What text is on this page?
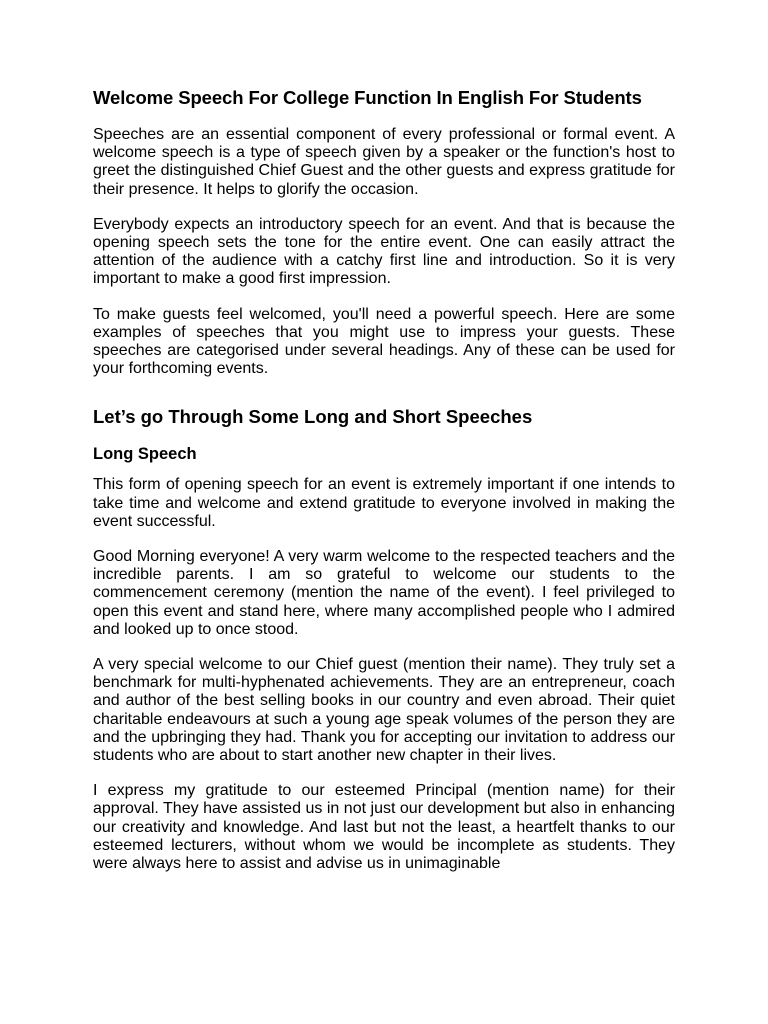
Welcome Speech For College Function In English For Students

Speeches are an essential component of every professional or formal event. A welcome speech is a type of speech given by a speaker or the function's host to greet the distinguished Chief Guest and the other guests and express gratitude for their presence. It helps to glorify the occasion.

Everybody expects an introductory speech for an event. And that is because the opening speech sets the tone for the entire event. One can easily attract the attention of the audience with a catchy first line and introduction. So it is very important to make a good first impression.

To make guests feel welcomed, you'll need a powerful speech. Here are some examples of speeches that you might use to impress your guests. These speeches are categorised under several headings. Any of these can be used for your forthcoming events.

Let’s go Through Some Long and Short Speeches
Long Speech

This form of opening speech for an event is extremely important if one intends to take time and welcome and extend gratitude to everyone involved in making the event successful.

Good Morning everyone! A very warm welcome to the respected teachers and the incredible parents. I am so grateful to welcome our students to the commencement ceremony (mention the name of the event). I feel privileged to open this event and stand here, where many accomplished people who I admired and looked up to once stood.

A very special welcome to our Chief guest (mention their name). They truly set a benchmark for multi-hyphenated achievements. They are an entrepreneur, coach and author of the best selling books in our country and even abroad. Their quiet charitable endeavours at such a young age speak volumes of the person they are and the upbringing they had. Thank you for accepting our invitation to address our students who are about to start another new chapter in their lives.

I express my gratitude to our esteemed Principal (mention name) for their approval. They have assisted us in not just our development but also in enhancing our creativity and knowledge. And last but not the least, a heartfelt thanks to our esteemed lecturers, without whom we would be incomplete as students. They were always here to assist and advise us in unimaginable
